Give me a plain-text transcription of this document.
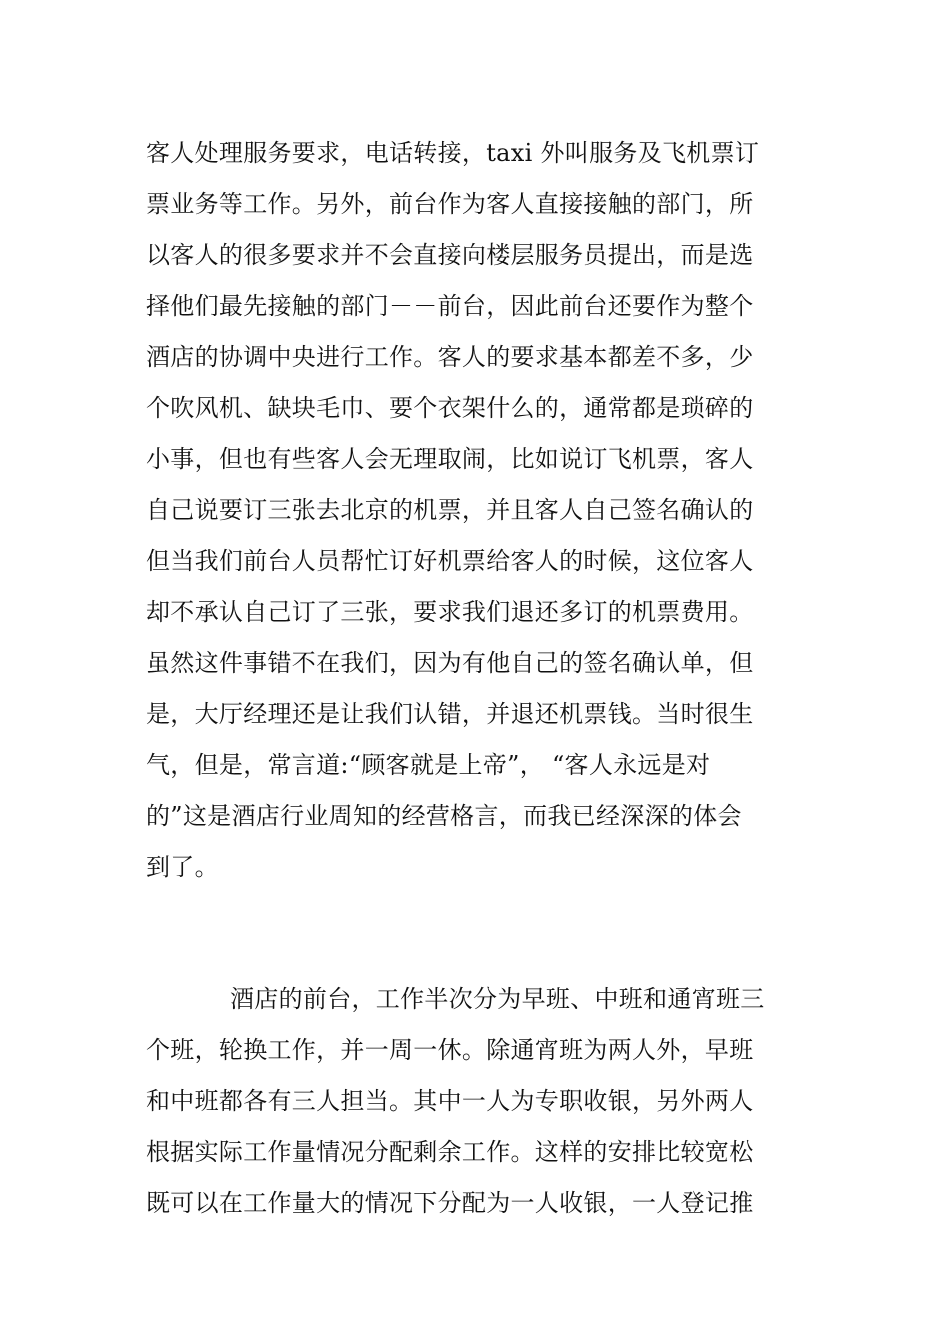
客人处理服务要求，电话转接，taxi 外叫服务及飞机票订
票业务等工作。另外，前台作为客人直接接触的部门，所
以客人的很多要求并不会直接向楼层服务员提出，而是选
择他们最先接触的部门－－前台，因此前台还要作为整个
酒店的协调中央进行工作。客人的要求基本都差不多，少
个吹风机、缺块毛巾、要个衣架什么的，通常都是琐碎的
小事，但也有些客人会无理取闹，比如说订飞机票，客人
自己说要订三张去北京的机票，并且客人自己签名确认的
但当我们前台人员帮忙订好机票给客人的时候，这位客人
却不承认自己订了三张，要求我们退还多订的机票费用。
虽然这件事错不在我们，因为有他自己的签名确认单，但
是，大厅经理还是让我们认错，并退还机票钱。当时很生
气，但是，常言道:“顾客就是上帝”， “客人永远是对
的”这是酒店行业周知的经营格言，而我已经深深的体会
到了。
酒店的前台，工作半次分为早班、中班和通宵班三
个班，轮换工作，并一周一休。除通宵班为两人外，早班
和中班都各有三人担当。其中一人为专职收银，另外两人
根据实际工作量情况分配剩余工作。这样的安排比较宽松
既可以在工作量大的情况下分配为一人收银，一人登记推
